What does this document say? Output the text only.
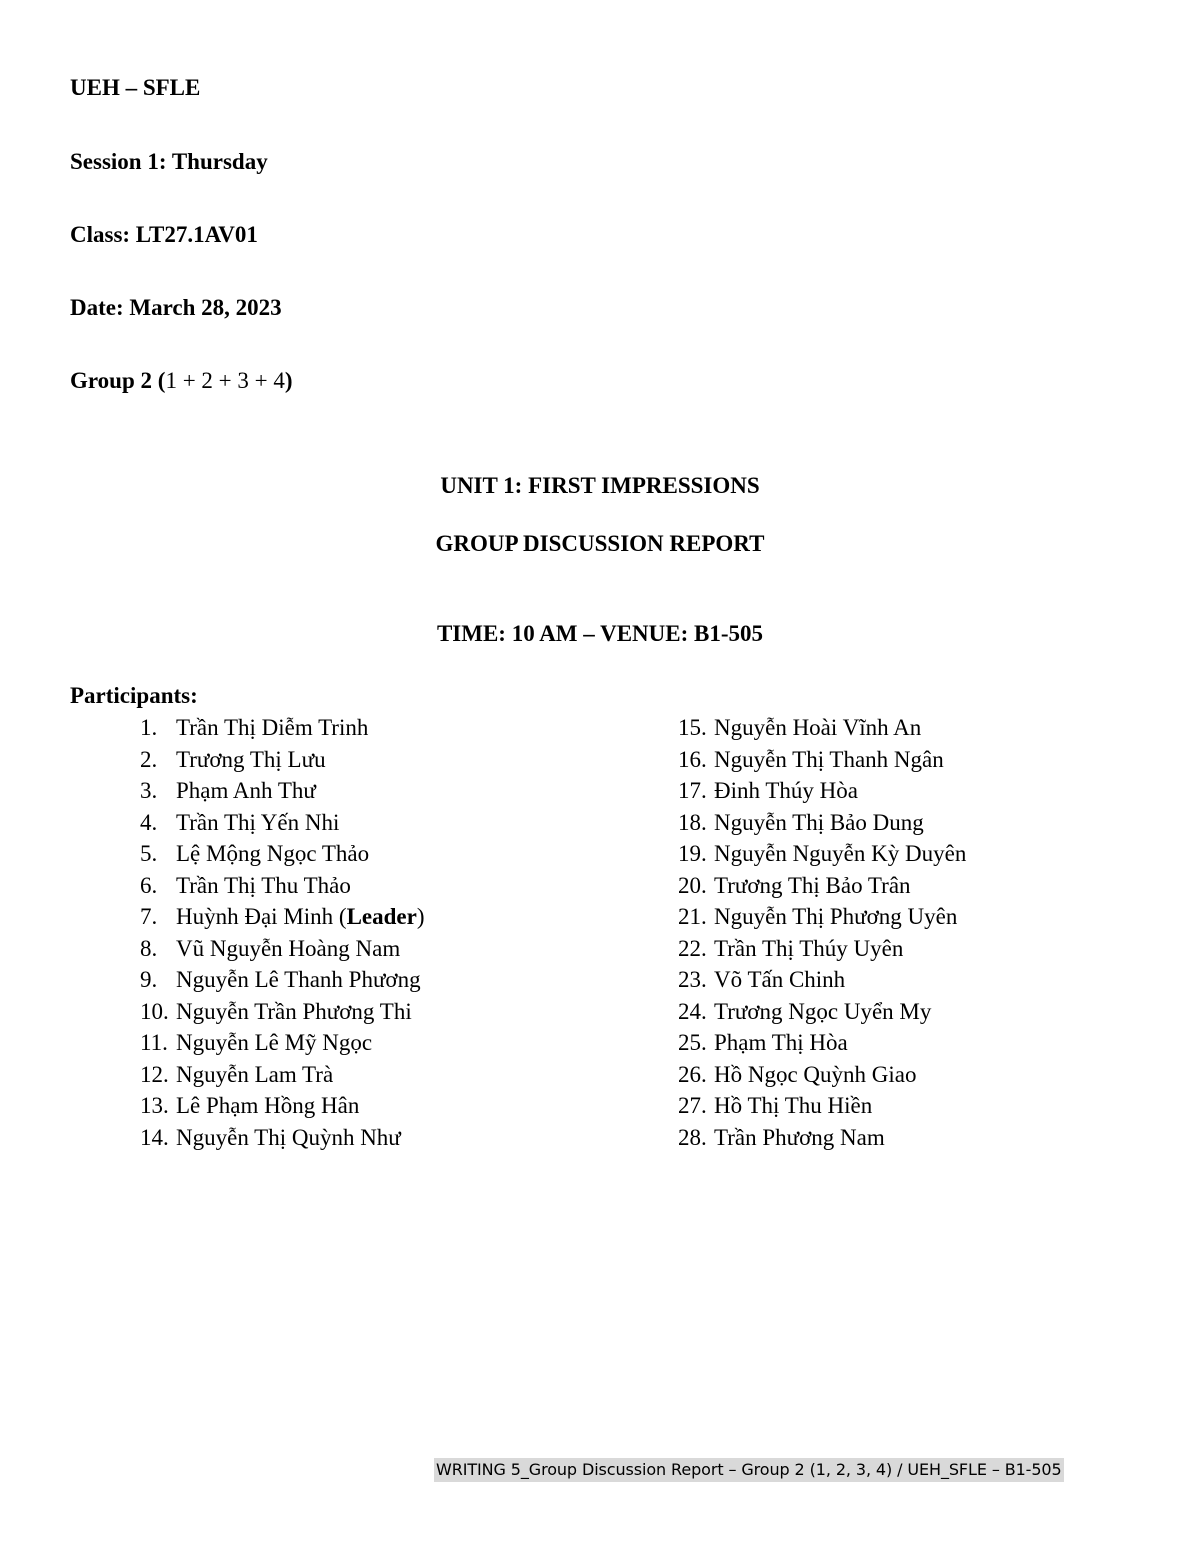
UEH – SFLE
Session 1: Thursday
Class: LT27.1AV01
Date: March 28, 2023
Group 2 (1 + 2 + 3 + 4)
UNIT 1: FIRST IMPRESSIONS
GROUP DISCUSSION REPORT
TIME: 10 AM – VENUE: B1-505
Participants:
1. Trần Thị Diễm Trinh
2. Trương Thị Lưu
3. Phạm Anh Thư
4. Trần Thị Yến Nhi
5. Lệ Mộng Ngọc Thảo
6. Trần Thị Thu Thảo
7. Huỳnh Đại Minh (Leader)
8. Vũ Nguyễn Hoàng Nam
9. Nguyễn Lê Thanh Phương
10. Nguyễn Trần Phương Thi
11. Nguyễn Lê Mỹ Ngọc
12. Nguyễn Lam Trà
13. Lê Phạm Hồng Hân
14. Nguyễn Thị Quỳnh Như
15. Nguyễn Hoài Vĩnh An
16. Nguyễn Thị Thanh Ngân
17. Đinh Thúy Hòa
18. Nguyễn Thị Bảo Dung
19. Nguyễn Nguyễn Kỳ Duyên
20. Trương Thị Bảo Trân
21. Nguyễn Thị Phương Uyên
22. Trần Thị Thúy Uyên
23. Võ Tấn Chinh
24. Trương Ngọc Uyển My
25. Phạm Thị Hòa
26. Hồ Ngọc Quỳnh Giao
27. Hồ Thị Thu Hiền
28. Trần Phương Nam
WRITING 5_Group Discussion Report – Group 2 (1, 2, 3, 4) / UEH_SFLE – B1-505
